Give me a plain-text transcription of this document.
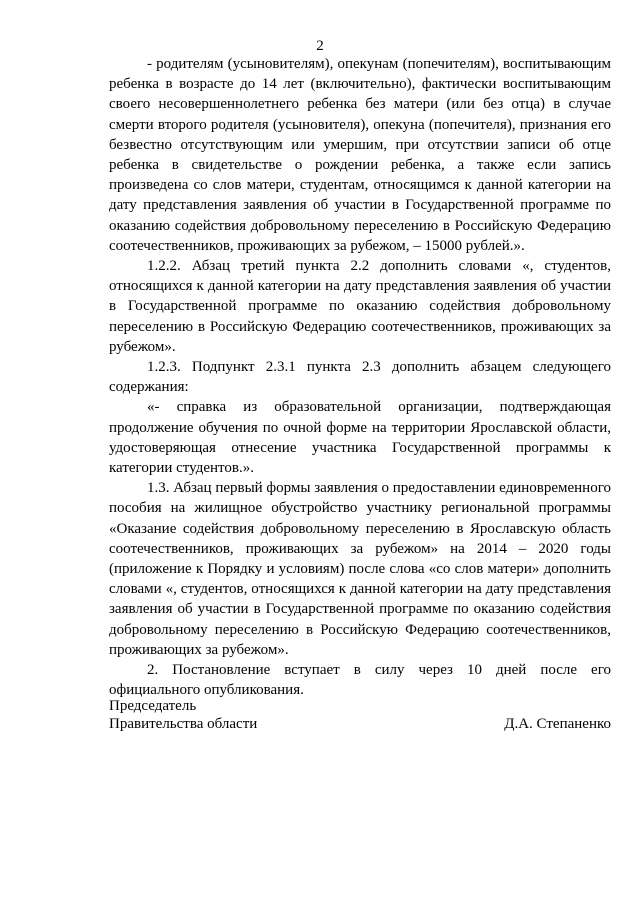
2

- родителям (усыновителям), опекунам (попечителям), воспитывающим ребенка в возрасте до 14 лет (включительно), фактически воспитывающим своего несовершеннолетнего ребенка без матери (или без отца) в случае смерти второго родителя (усыновителя), опекуна (попечителя), признания его безвестно отсутствующим или умершим, при отсутствии записи об отце ребенка в свидетельстве о рождении ребенка, а также если запись произведена со слов матери, студентам, относящимся к данной категории на дату представления заявления об участии в Государственной программе по оказанию содействия добровольному переселению в Российскую Федерацию соотечественников, проживающих за рубежом, – 15000 рублей.».

1.2.2. Абзац третий пункта 2.2 дополнить словами «, студентов, относящихся к данной категории на дату представления заявления об участии в Государственной программе по оказанию содействия добровольному переселению в Российскую Федерацию соотечественников, проживающих за рубежом».

1.2.3. Подпункт 2.3.1 пункта 2.3 дополнить абзацем следующего содержания:

«- справка из образовательной организации, подтверждающая продолжение обучения по очной форме на территории Ярославской области, удостоверяющая отнесение участника Государственной программы к категории студентов.».

1.3. Абзац первый формы заявления о предоставлении единовременного пособия на жилищное обустройство участнику региональной программы «Оказание содействия добровольному переселению в Ярославскую область соотечественников, проживающих за рубежом» на 2014 – 2020 годы (приложение к Порядку и условиям) после слова «со слов матери» дополнить словами «, студентов, относящихся к данной категории на дату представления заявления об участии в Государственной программе по оказанию содействия добровольному переселению в Российскую Федерацию соотечественников, проживающих за рубежом».

2. Постановление вступает в силу через 10 дней после его официального опубликования.

Председатель
Правительства области	Д.А. Степаненко
